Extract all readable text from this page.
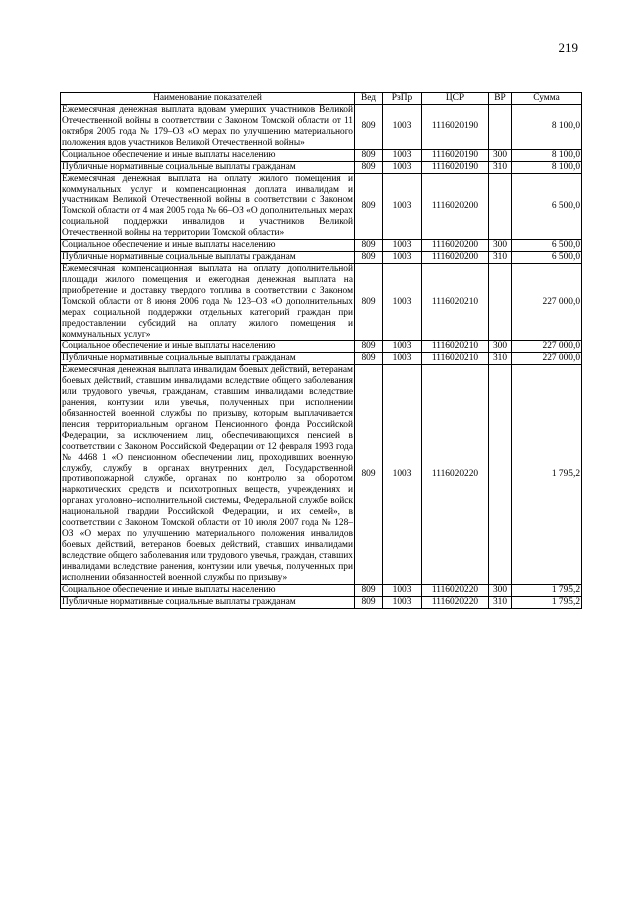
219
Наименование показателей	Вед	РзПр	ЦСР	ВР	Сумма
Ежемесячная денежная выплата вдовам умерших участников Великой Отечественной войны в соответствии с Законом Томской области от 11 октября 2005 года № 179–ОЗ «О мерах по улучшению материального положения вдов участников Великой Отечественной войны»	809	1003	1116020190		8 100,0
Социальное обеспечение и иные выплаты населению	809	1003	1116020190	300	8 100,0
Публичные нормативные социальные выплаты гражданам	809	1003	1116020190	310	8 100,0
Ежемесячная денежная выплата на оплату жилого помещения и коммунальных услуг и компенсационная доплата инвалидам и участникам Великой Отечественной войны в соответствии с Законом Томской области от 4 мая 2005 года № 66–ОЗ «О дополнительных мерах социальной поддержки инвалидов и участников Великой Отечественной войны на территории Томской области»	809	1003	1116020200		6 500,0
Социальное обеспечение и иные выплаты населению	809	1003	1116020200	300	6 500,0
Публичные нормативные социальные выплаты гражданам	809	1003	1116020200	310	6 500,0
Ежемесячная компенсационная выплата на оплату дополнительной площади жилого помещения и ежегодная денежная выплата на приобретение и доставку твердого топлива в соответствии с Законом Томской области от 8 июня 2006 года № 123–ОЗ «О дополнительных мерах социальной поддержки отдельных категорий граждан при предоставлении субсидий на оплату жилого помещения и коммунальных услуг»	809	1003	1116020210		227 000,0
Социальное обеспечение и иные выплаты населению	809	1003	1116020210	300	227 000,0
Публичные нормативные социальные выплаты гражданам	809	1003	1116020210	310	227 000,0
Ежемесячная денежная выплата инвалидам боевых действий, ветеранам боевых действий, ставшим инвалидами вследствие общего заболевания или трудового увечья, гражданам, ставшим инвалидами вследствие ранения, контузии или увечья, полученных при исполнении обязанностей военной службы по призыву, которым выплачивается пенсия территориальным органом Пенсионного фонда Российской Федерации, за исключением лиц, обеспечивающихся пенсией в соответствии с Законом Российской Федерации от 12 февраля 1993 года № 4468 1 «О пенсионном обеспечении лиц, проходивших военную службу, службу в органах внутренних дел, Государственной противопожарной службе, органах по контролю за оборотом наркотических средств и психотропных веществ, учреждениях и органах уголовно–исполнительной системы, Федеральной службе войск национальной гвардии Российской Федерации, и их семей», в соответствии с Законом Томской области от 10 июля 2007 года № 128–ОЗ «О мерах по улучшению материального положения инвалидов боевых действий, ветеранов боевых действий, ставших инвалидами вследствие общего заболевания или трудового увечья, граждан, ставших инвалидами вследствие ранения, контузии или увечья, полученных при исполнении обязанностей военной службы по призыву»	809	1003	1116020220		1 795,2
Социальное обеспечение и иные выплаты населению	809	1003	1116020220	300	1 795,2
Публичные нормативные социальные выплаты гражданам	809	1003	1116020220	310	1 795,2
